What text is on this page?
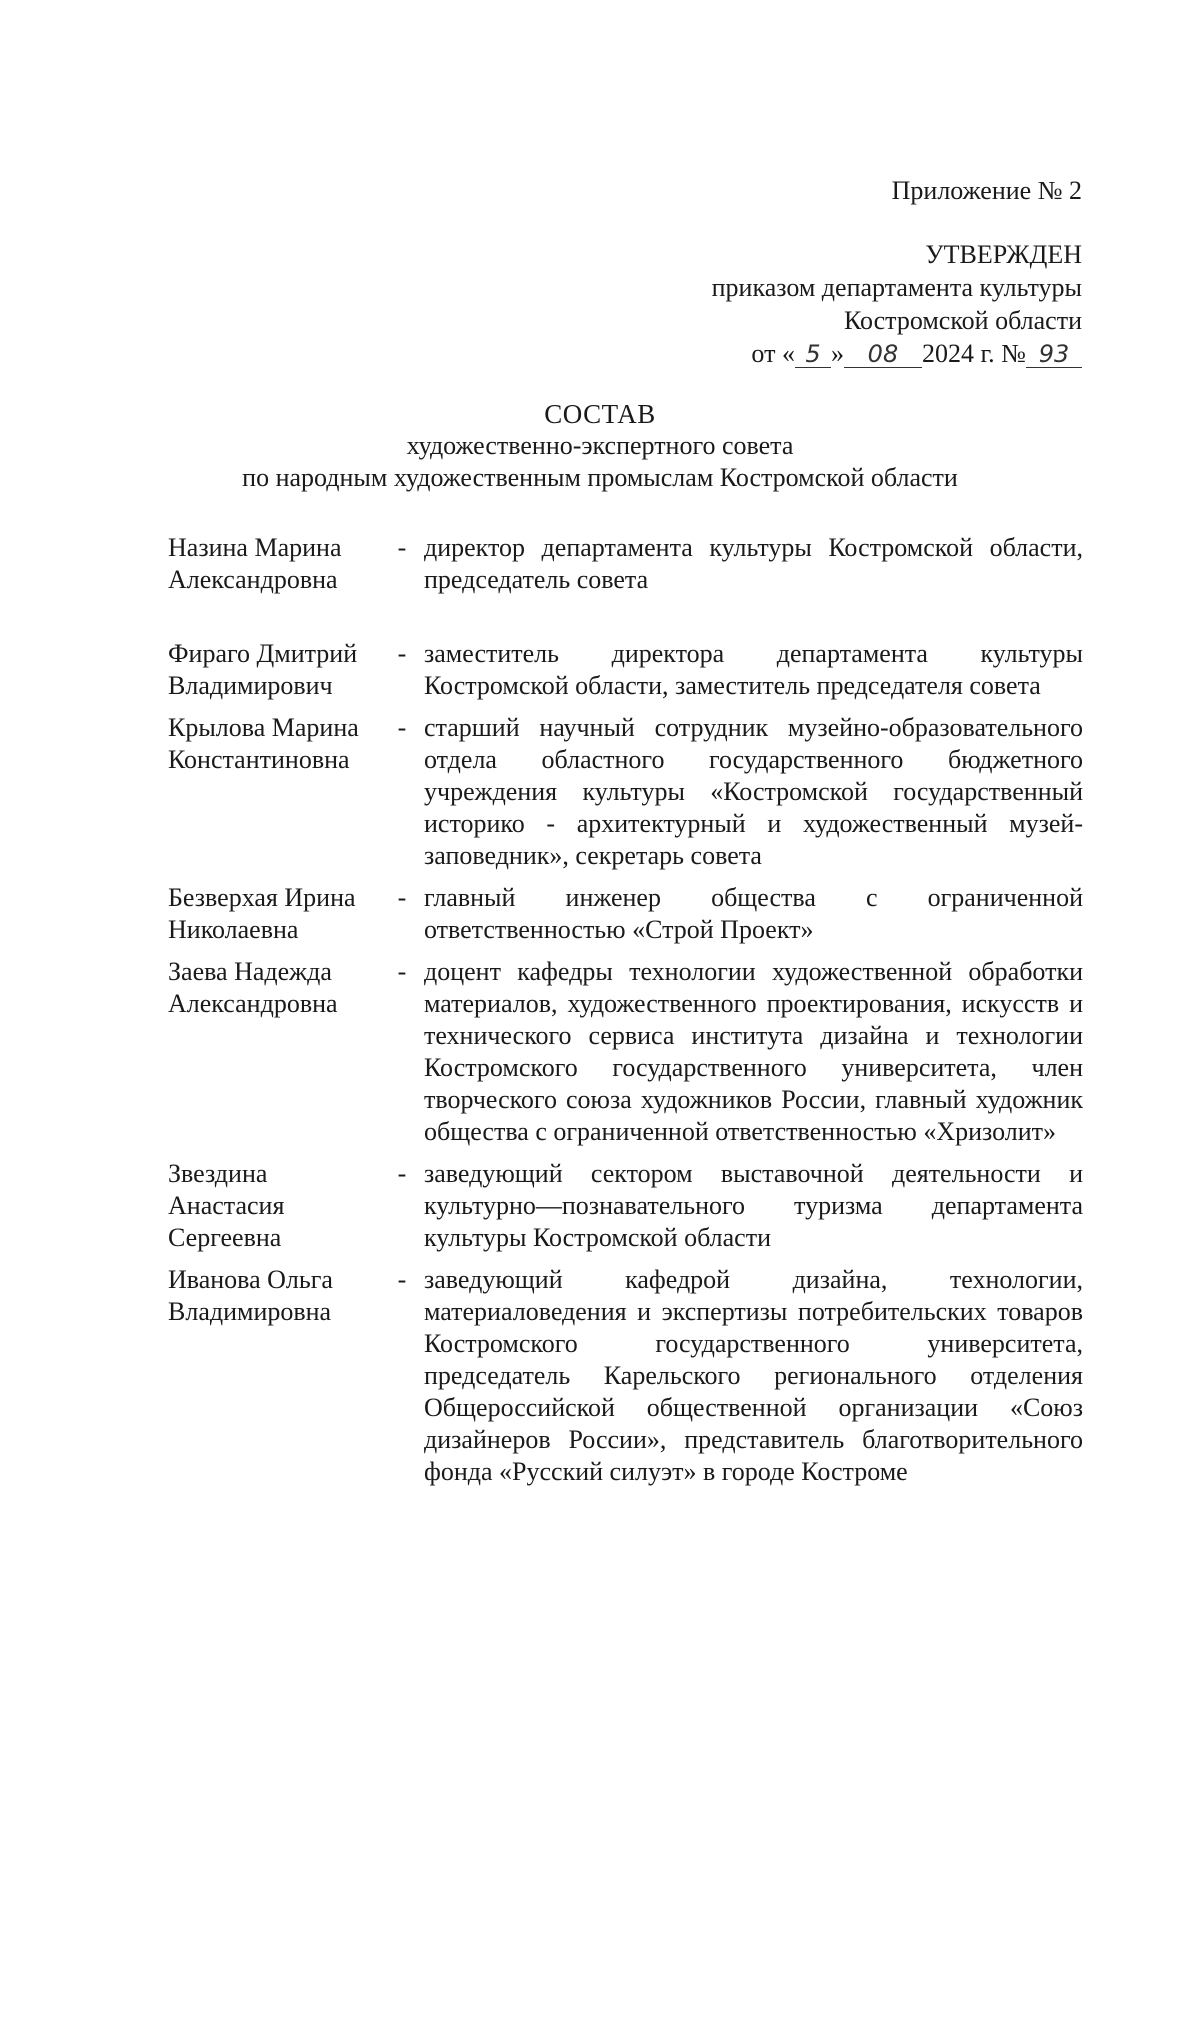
Приложение № 2
УТВЕРЖДЕН
приказом департамента культуры
Костромской области
от « 5 » 08 2024 г. № 93
СОСТАВ
художественно-экспертного совета
по народным художественным промыслам Костромской области
Назина Марина Александровна
- директор департамента культуры Костромской области, председатель совета
Фираго Дмитрий Владимирович
- заместитель директора департамента культуры Костромской области, заместитель председателя совета
Крылова Марина Константиновна
- старший научный сотрудник музейно-образовательного отдела областного государственного бюджетного учреждения культуры «Костромской государственный историко - архитектурный и художественный музей-заповедник», секретарь совета
Безверхая Ирина Николаевна
- главный инженер общества с ограниченной ответственностью «Строй Проект»
Заева Надежда Александровна
- доцент кафедры технологии художественной обработки материалов, художественного проектирования, искусств и технического сервиса института дизайна и технологии Костромского государственного университета, член творческого союза художников России, главный художник общества с ограниченной ответственностью «Хризолит»
Звездина Анастасия Сергеевна
- заведующий сектором выставочной деятельности и культурно—познавательного туризма департамента культуры Костромской области
Иванова Ольга Владимировна
- заведующий кафедрой дизайна, технологии, материаловедения и экспертизы потребительских товаров Костромского государственного университета, председатель Карельского регионального отделения Общероссийской общественной организации «Союз дизайнеров России», представитель благотворительного фонда «Русский силуэт» в городе Костроме
